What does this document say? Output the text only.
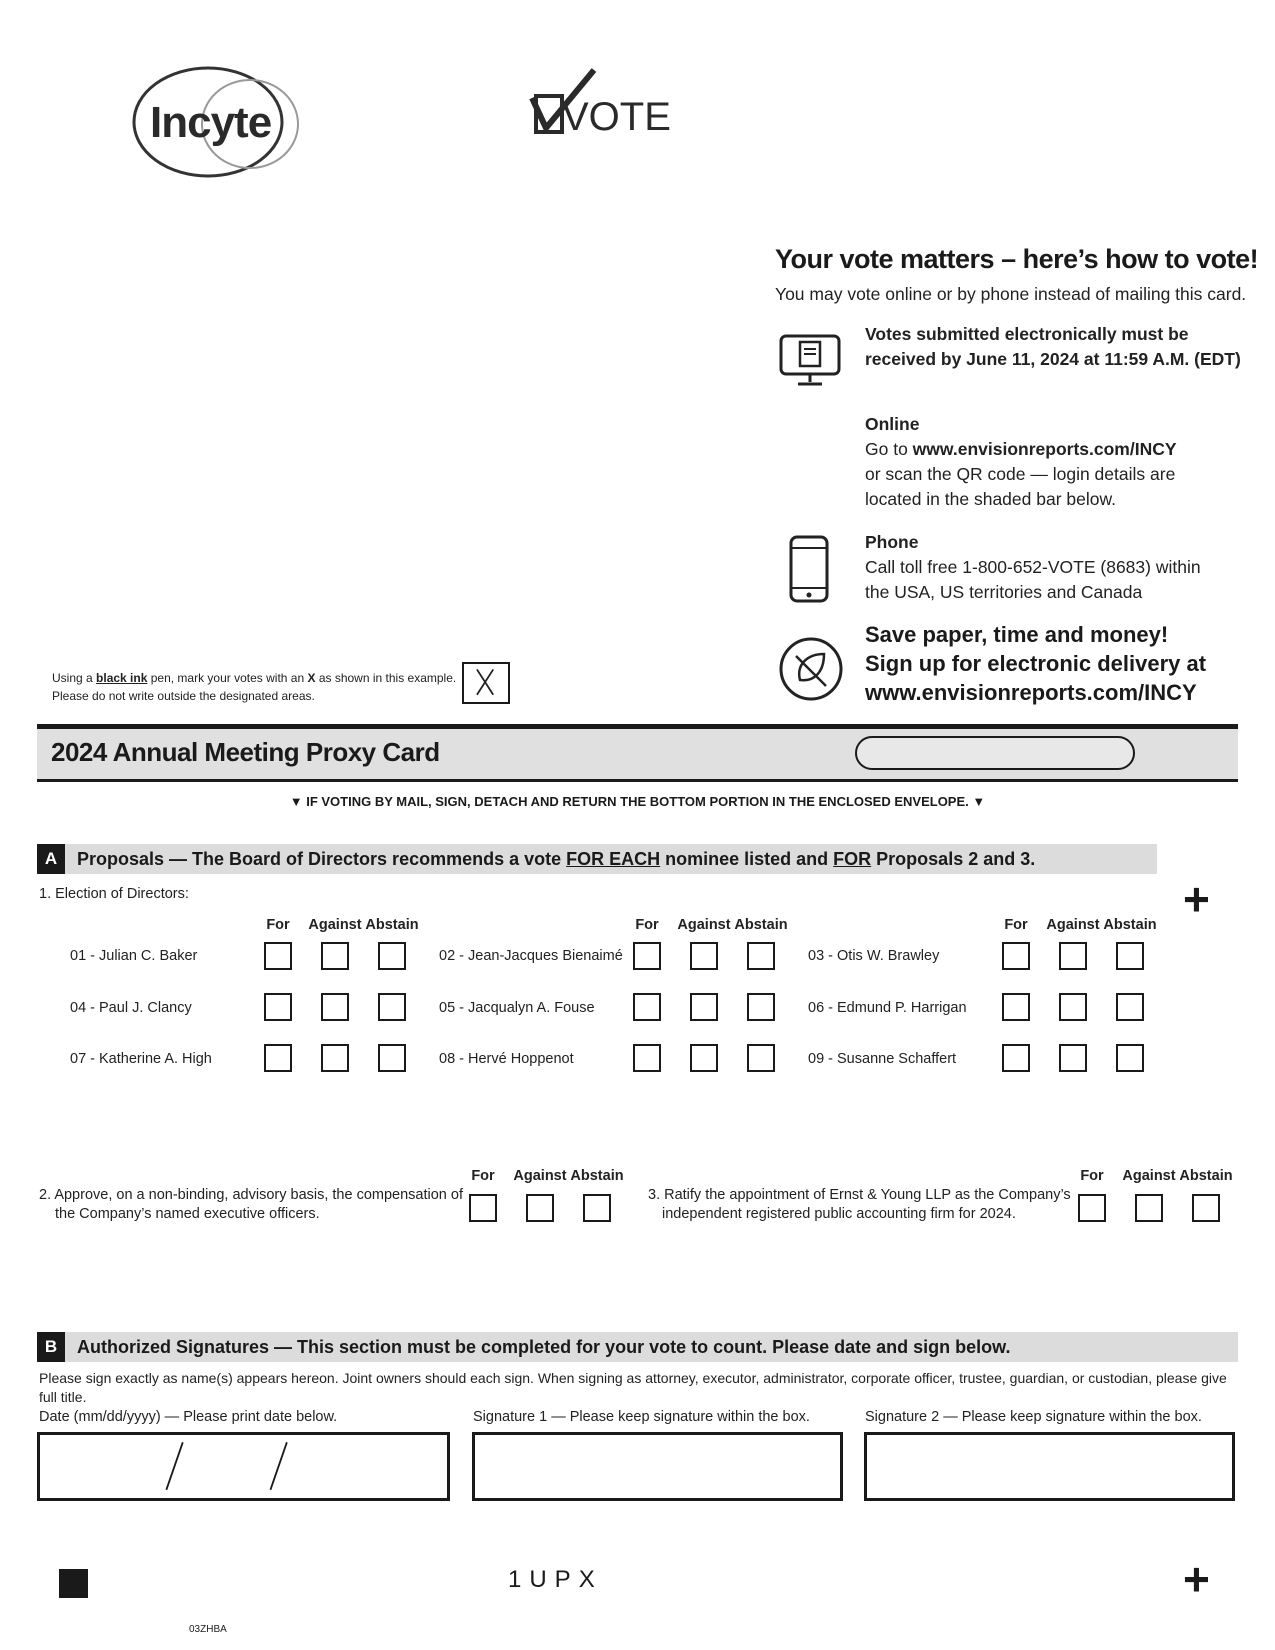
Incyte	VOTE
Your vote matters – here’s how to vote!
You may vote online or by phone instead of mailing this card.
Votes submitted electronically must be
received by June 11, 2024 at 11:59 A.M. (EDT)
Online
Go to www.envisionreports.com/INCY
or scan the QR code — login details are
located in the shaded bar below.
Phone
Call toll free 1-800-652-VOTE (8683) within
the USA, US territories and Canada
Save paper, time and money!
Sign up for electronic delivery at
www.envisionreports.com/INCY
Using a black ink pen, mark your votes with an X as shown in this example.
Please do not write outside the designated areas.
2024 Annual Meeting Proxy Card
▼ IF VOTING BY MAIL, SIGN, DETACH AND RETURN THE BOTTOM PORTION IN THE ENCLOSED ENVELOPE. ▼
A	Proposals — The Board of Directors recommends a vote FOR EACH nominee listed and FOR Proposals 2 and 3.
+
1. Election of Directors:
For	Against Abstain	For	Against Abstain	For	Against Abstain
01 - Julian C. Baker	02 - Jean-Jacques Bienaimé	03 - Otis W. Brawley
04 - Paul J. Clancy	05 - Jacqualyn A. Fouse	06 - Edmund P. Harrigan
07 - Katherine A. High	08 - Hervé Hoppenot	09 - Susanne Schaffert
2. Approve, on a non-binding, advisory basis, the compensation of
the Company’s named executive officers.
For	Against Abstain
3. Ratify the appointment of Ernst & Young LLP as the Company’s
independent registered public accounting firm for 2024.
For	Against Abstain
B	Authorized Signatures — This section must be completed for your vote to count. Please date and sign below.
Please sign exactly as name(s) appears hereon. Joint owners should each sign. When signing as attorney, executor, administrator, corporate officer, trustee, guardian, or custodian, please give full title.
Date (mm/dd/yyyy) — Please print date below.	Signature 1 — Please keep signature within the box.	Signature 2 — Please keep signature within the box.
1UPX	+
03ZHBA
